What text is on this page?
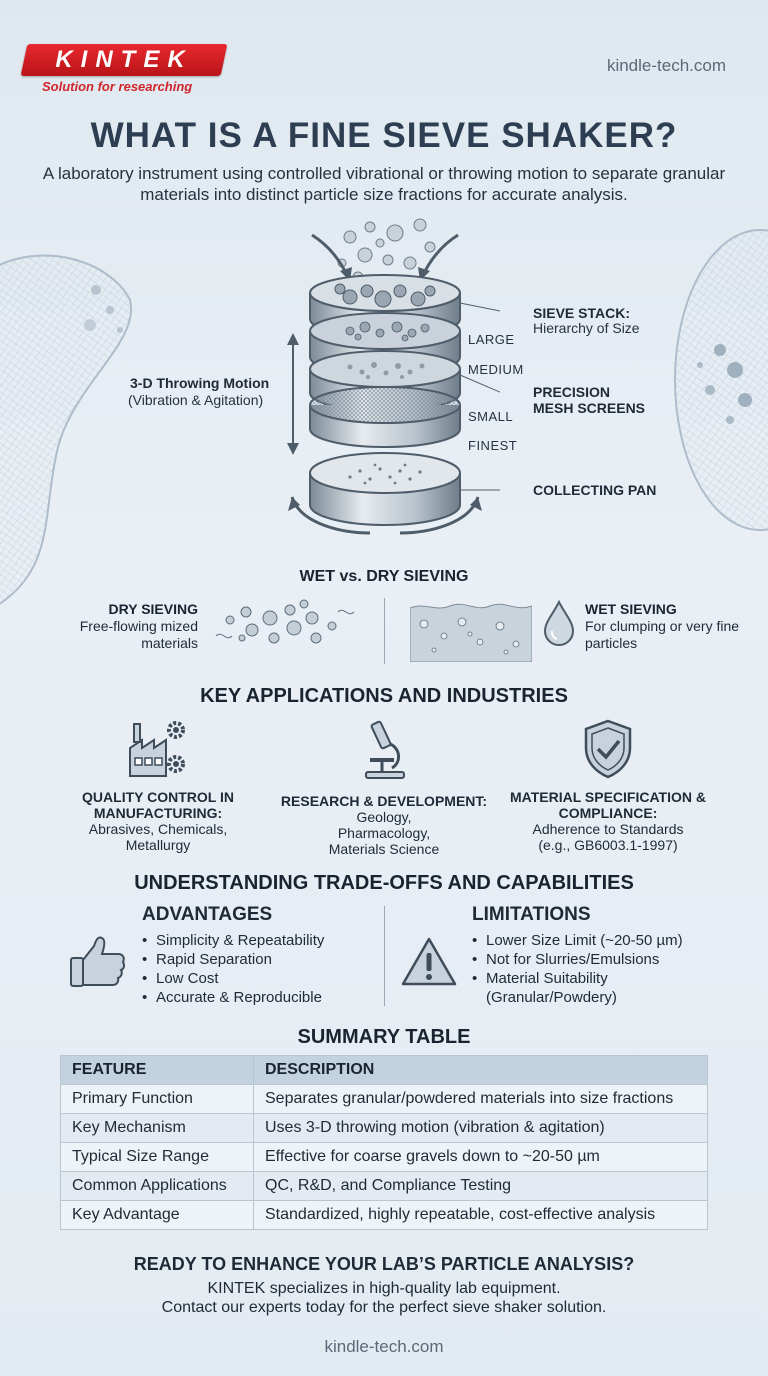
KINTEK
Solution for researching
kindle-tech.com
WHAT IS A FINE SIEVE SHAKER?
A laboratory instrument using controlled vibrational or throwing motion to separate granular materials into distinct particle size fractions for accurate analysis.
3-D Throwing Motion
(Vibration & Agitation)
LARGE
MEDIUM
SMALL
FINEST
SIEVE STACK:
Hierarchy of Size
PRECISION
MESH SCREENS
COLLECTING PAN
WET vs. DRY SIEVING
DRY SIEVING
Free-flowing mized materials
WET SIEVING
For clumping or very fine particles
KEY APPLICATIONS AND INDUSTRIES
QUALITY CONTROL IN MANUFACTURING:
Abrasives, Chemicals, Metallurgy
RESEARCH & DEVELOPMENT:
Geology, Pharmacology, Materials Science
MATERIAL SPECIFICATION & COMPLIANCE:
Adherence to Standards (e.g., GB6003.1-1997)
UNDERSTANDING TRADE-OFFS AND CAPABILITIES
ADVANTAGES
• Simplicity & Repeatability
• Rapid Separation
• Low Cost
• Accurate & Reproducible
LIMITATIONS
• Lower Size Limit (~20-50 µm)
• Not for Slurries/Emulsions
• Material Suitability (Granular/Powdery)
SUMMARY TABLE
FEATURE	DESCRIPTION
Primary Function	Separates granular/powdered materials into size fractions
Key Mechanism	Uses 3-D throwing motion (vibration & agitation)
Typical Size Range	Effective for coarse gravels down to ~20-50 µm
Common Applications	QC, R&D, and Compliance Testing
Key Advantage	Standardized, highly repeatable, cost-effective analysis
READY TO ENHANCE YOUR LAB’S PARTICLE ANALYSIS?
KINTEK specializes in high-quality lab equipment.
Contact our experts today for the perfect sieve shaker solution.
kindle-tech.com
